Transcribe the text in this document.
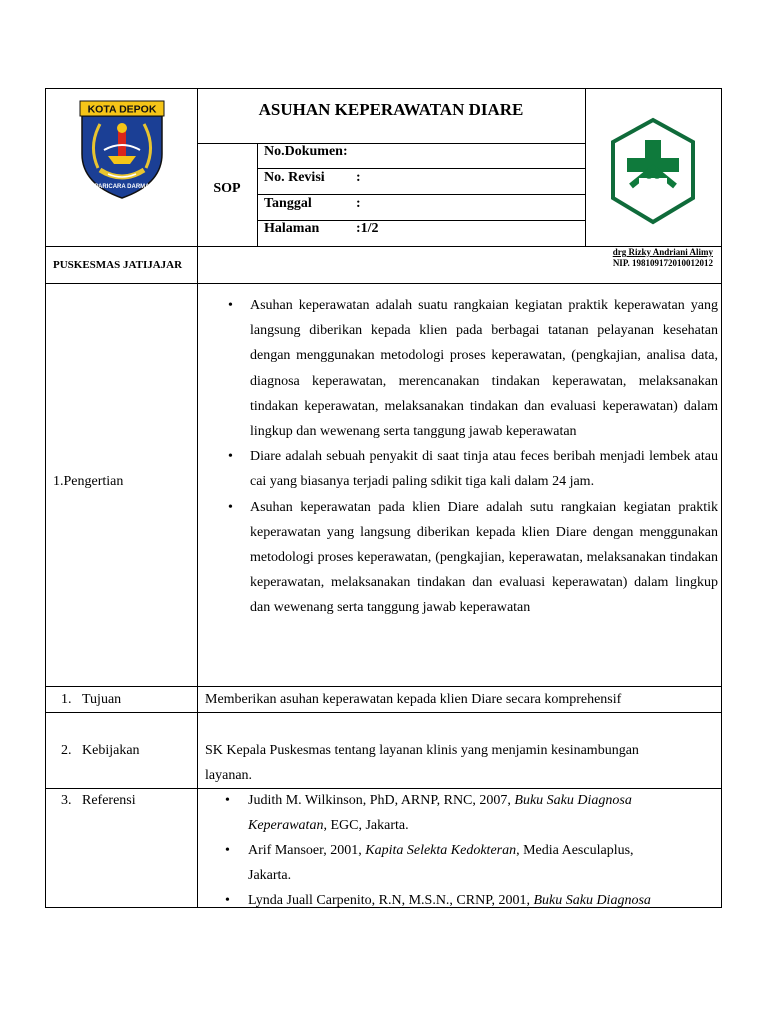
KOTA DEPOK
PARICARA DARMA
ASUHAN KEPERAWATAN DIARE
SOP
No.Dokumen:
No. Revisi :
Tanggal	:
Halaman	:1/2
PUSKESMAS JATIJAJAR
drg Rizky Andriani Alimy
NIP. 198109172010012012
1.Pengertian
• Asuhan keperawatan adalah suatu rangkaian kegiatan praktik keperawatan yang langsung diberikan kepada klien pada berbagai tatanan pelayanan kesehatan dengan menggunakan metodologi proses keperawatan, (pengkajian, analisa data, diagnosa keperawatan, merencanakan tindakan keperawatan, melaksanakan tindakan keperawatan, melaksanakan tindakan dan evaluasi keperawatan) dalam lingkup dan wewenang serta tanggung jawab keperawatan
• Diare adalah sebuah penyakit di saat tinja atau feces beribah menjadi lembek atau cai yang biasanya terjadi paling sdikit tiga kali dalam 24 jam.
• Asuhan keperawatan pada klien Diare adalah sutu rangkaian kegiatan praktik keperawatan yang langsung diberikan kepada klien Diare dengan menggunakan metodologi proses keperawatan, (pengkajian, keperawatan, melaksanakan tindakan keperawatan, melaksanakan tindakan dan evaluasi keperawatan) dalam lingkup dan wewenang serta tanggung jawab keperawatan
1. Tujuan	Memberikan asuhan keperawatan kepada klien Diare secara komprehensif
2. Kebijakan	SK Kepala Puskesmas tentang layanan klinis yang menjamin kesinambungan
layanan.
3. Referensi	• Judith M. Wilkinson, PhD, ARNP, RNC, 2007, Buku Saku Diagnosa
Keperawatan, EGC, Jakarta.
• Arif Mansoer, 2001, Kapita Selekta Kedokteran, Media Aesculaplus,
Jakarta.
• Lynda Juall Carpenito, R.N, M.S.N., CRNP, 2001, Buku Saku Diagnosa
